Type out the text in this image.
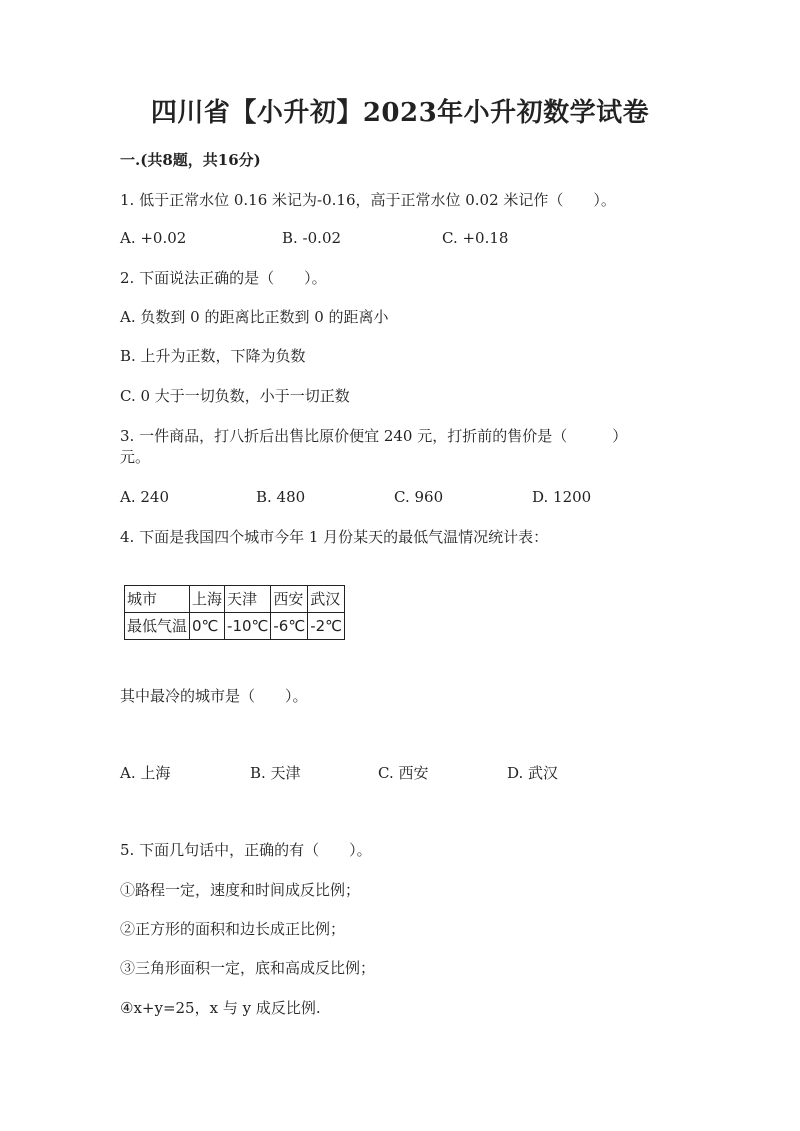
四川省【小升初】2023年小升初数学试卷
一.(共8题，共16分)
1. 低于正常水位 0.16 米记为-0.16，高于正常水位 0.02 米记作（　　）。
A. +0.02	B. -0.02	C. +0.18
2. 下面说法正确的是（　　）。
A. 负数到 0 的距离比正数到 0 的距离小
B. 上升为正数，下降为负数
C. 0 大于一切负数，小于一切正数
3. 一件商品，打八折后出售比原价便宜 240 元，打折前的售价是（　　　）
元。
A. 240	B. 480	C. 960	D. 1200
4. 下面是我国四个城市今年 1 月份某天的最低气温情况统计表：
城市	上海	天津	西安	武汉
最低气温	0℃	-10℃	-6℃	-2℃
其中最冷的城市是（　　）。
A. 上海	B. 天津	C. 西安	D. 武汉
5. 下面几句话中，正确的有（　　）。
①路程一定，速度和时间成反比例；
②正方形的面积和边长成正比例；
③三角形面积一定，底和高成反比例；
④x+y=25，x 与 y 成反比例.
